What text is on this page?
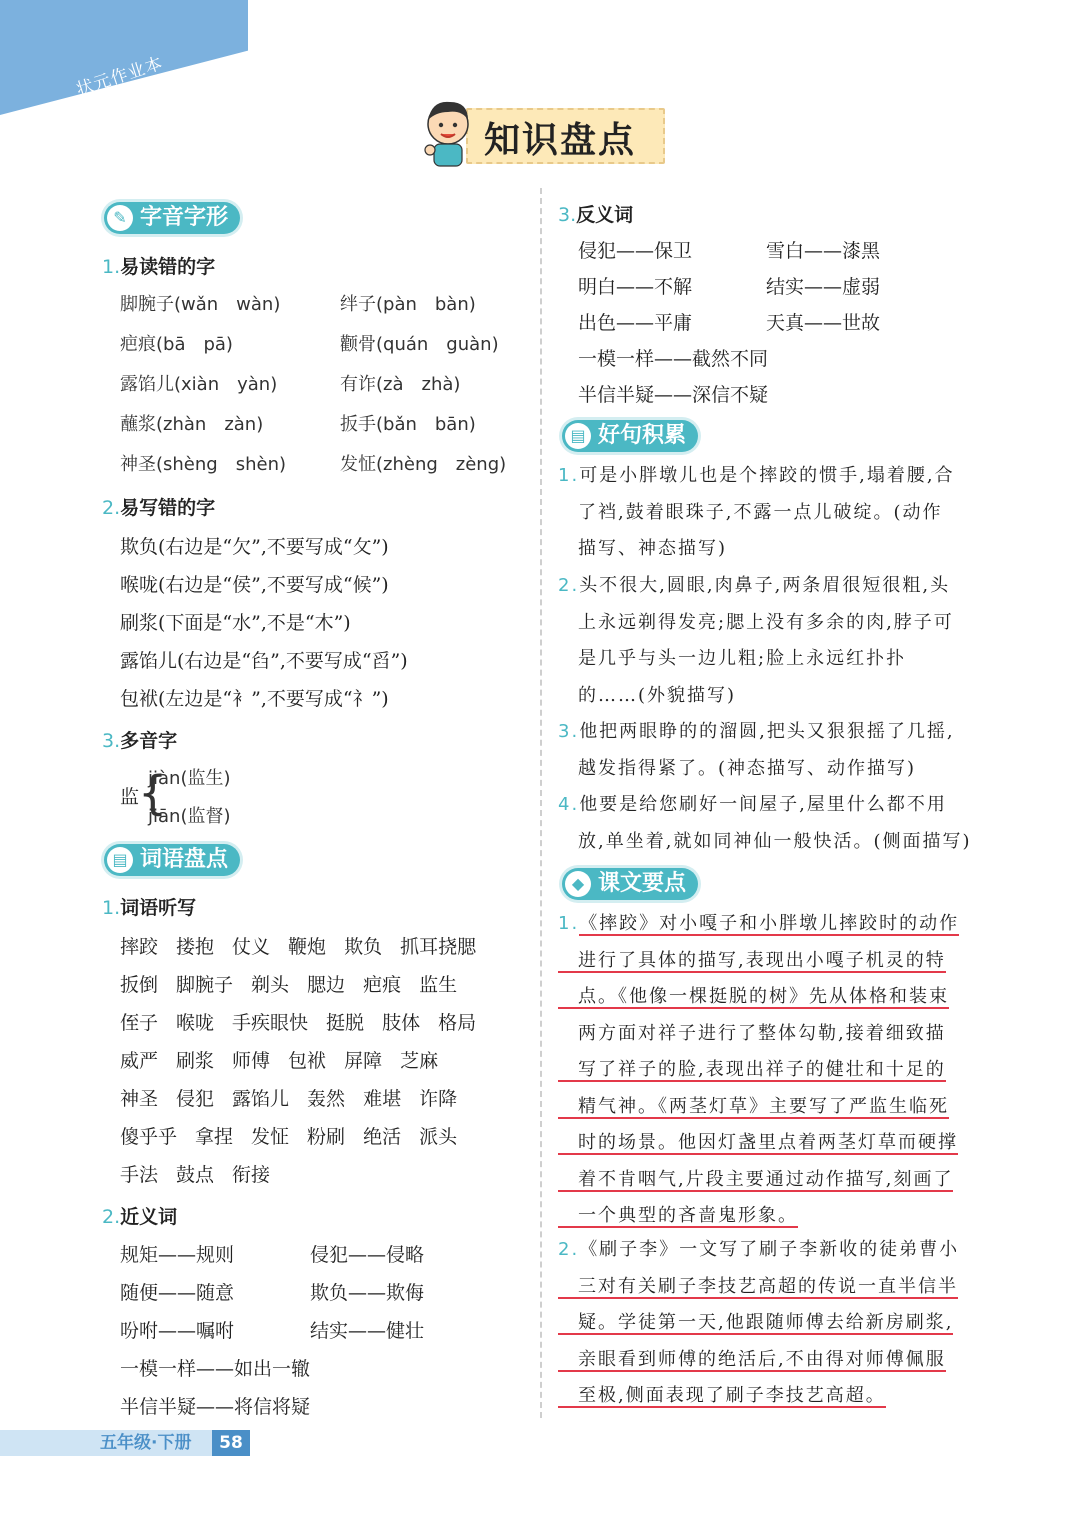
状元作业本
知识盘点
✎ 字音字形
1.易读错的字
脚腕子(wǎn　wàn)	绊子(pàn　bàn)
疤痕(bā　pā)	颧骨(quán　guàn)
露馅儿(xiàn　yàn)	有诈(zà　zhà)
蘸浆(zhàn　zàn)	扳手(bǎn　bān)
神圣(shèng　shèn)	发怔(zhèng　zèng)
2.易写错的字
欺负(右边是“欠”,不要写成“攵”)
喉咙(右边是“侯”,不要写成“候”)
刷浆(下面是“水”,不是“木”)
露馅儿(右边是“臽”,不要写成“舀”)
包袱(左边是“衤”,不要写成“礻”)
3.多音字
监
{
jiàn(监生)
jiān(监督)
▤ 词语盘点
1.词语听写
摔跤 搂抱 仗义 鞭炮 欺负 抓耳挠腮
扳倒 脚腕子 剃头 腮边 疤痕 监生
侄子 喉咙 手疾眼快 挺脱 肢体 格局
威严 刷浆 师傅 包袱 屏障 芝麻
神圣 侵犯 露馅儿 轰然 难堪 诈降
傻乎乎 拿捏 发怔 粉刷 绝活 派头
手法 鼓点 衔接
2.近义词
规矩——规则	侵犯——侵略
随便——随意	欺负——欺侮
吩咐——嘱咐	结实——健壮
一模一样——如出一辙
半信半疑——将信将疑
3.反义词
侵犯——保卫	雪白——漆黑
明白——不解	结实——虚弱
出色——平庸	天真——世故
一模一样——截然不同
半信半疑——深信不疑
▤ 好句积累
1.可是小胖墩儿也是个摔跤的惯手,塌着腰,合
了裆,鼓着眼珠子,不露一点儿破绽。(动作
描写、神态描写)
2.头不很大,圆眼,肉鼻子,两条眉很短很粗,头
上永远剃得发亮;腮上没有多余的肉,脖子可
是几乎与头一边儿粗;脸上永远红扑扑
的……(外貌描写)
3.他把两眼睁的的溜圆,把头又狠狠摇了几摇,
越发指得紧了。(神态描写、动作描写)
4.他要是给您刷好一间屋子,屋里什么都不用
放,单坐着,就如同神仙一般快活。(侧面描写)
◆ 课文要点
1.《摔跤》对小嘎子和小胖墩儿摔跤时的动作
进行了具体的描写,表现出小嘎子机灵的特
点。《他像一棵挺脱的树》先从体格和装束
两方面对祥子进行了整体勾勒,接着细致描
写了祥子的脸,表现出祥子的健壮和十足的
精气神。《两茎灯草》主要写了严监生临死
时的场景。他因灯盏里点着两茎灯草而硬撑
着不肯咽气,片段主要通过动作描写,刻画了
一个典型的吝啬鬼形象。
2.《刷子李》一文写了刷子李新收的徒弟曹小
三对有关刷子李技艺高超的传说一直半信半
疑。学徒第一天,他跟随师傅去给新房刷浆,
亲眼看到师傅的绝活后,不由得对师傅佩服
至极,侧面表现了刷子李技艺高超。
五年级·下册	58
